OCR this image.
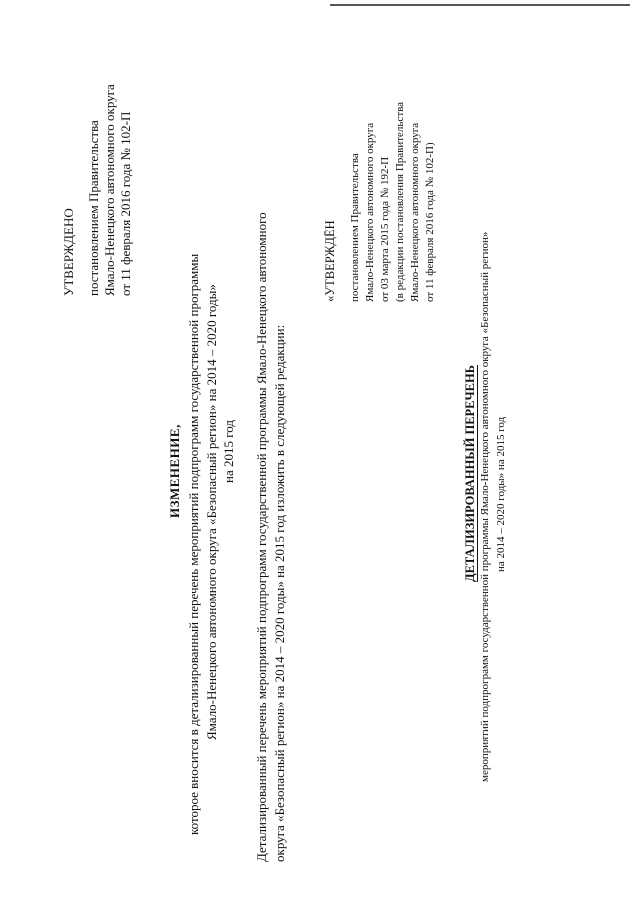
УТВЕРЖДЕНО постановлением Правительства Ямало-Ненецкого автономного округа от 11 февраля 2016 года № 102-П
ИЗМЕНЕНИЕ, которое вносится в детализированный перечень мероприятий подпрограмм государственной программы Ямало-Ненецкого автономного округа «Безопасный регион» на 2014 – 2020 годы» на 2015 год Детализированный перечень мероприятий подпрограмм государственной программы Ямало-Ненецкого автономного округа «Безопасный регион» на 2014 – 2020 годы» на 2015 год изложить в следующей редакции:
«УТВЕРЖДЁН постановлением Правительства Ямало-Ненецкого автономного округа от 03 марта 2015 года № 192-П (в редакции постановления Правительства Ямало-Ненецкого автономного округа от 11 февраля 2016 года № 102-П)
ДЕТАЛИЗИРОВАННЫЙ ПЕРЕЧЕНЬ мероприятий подпрограмм государственной программы Ямало-Ненецкого автономного округа «Безопасный регион» на 2014 – 2020 годы» на 2015 год
